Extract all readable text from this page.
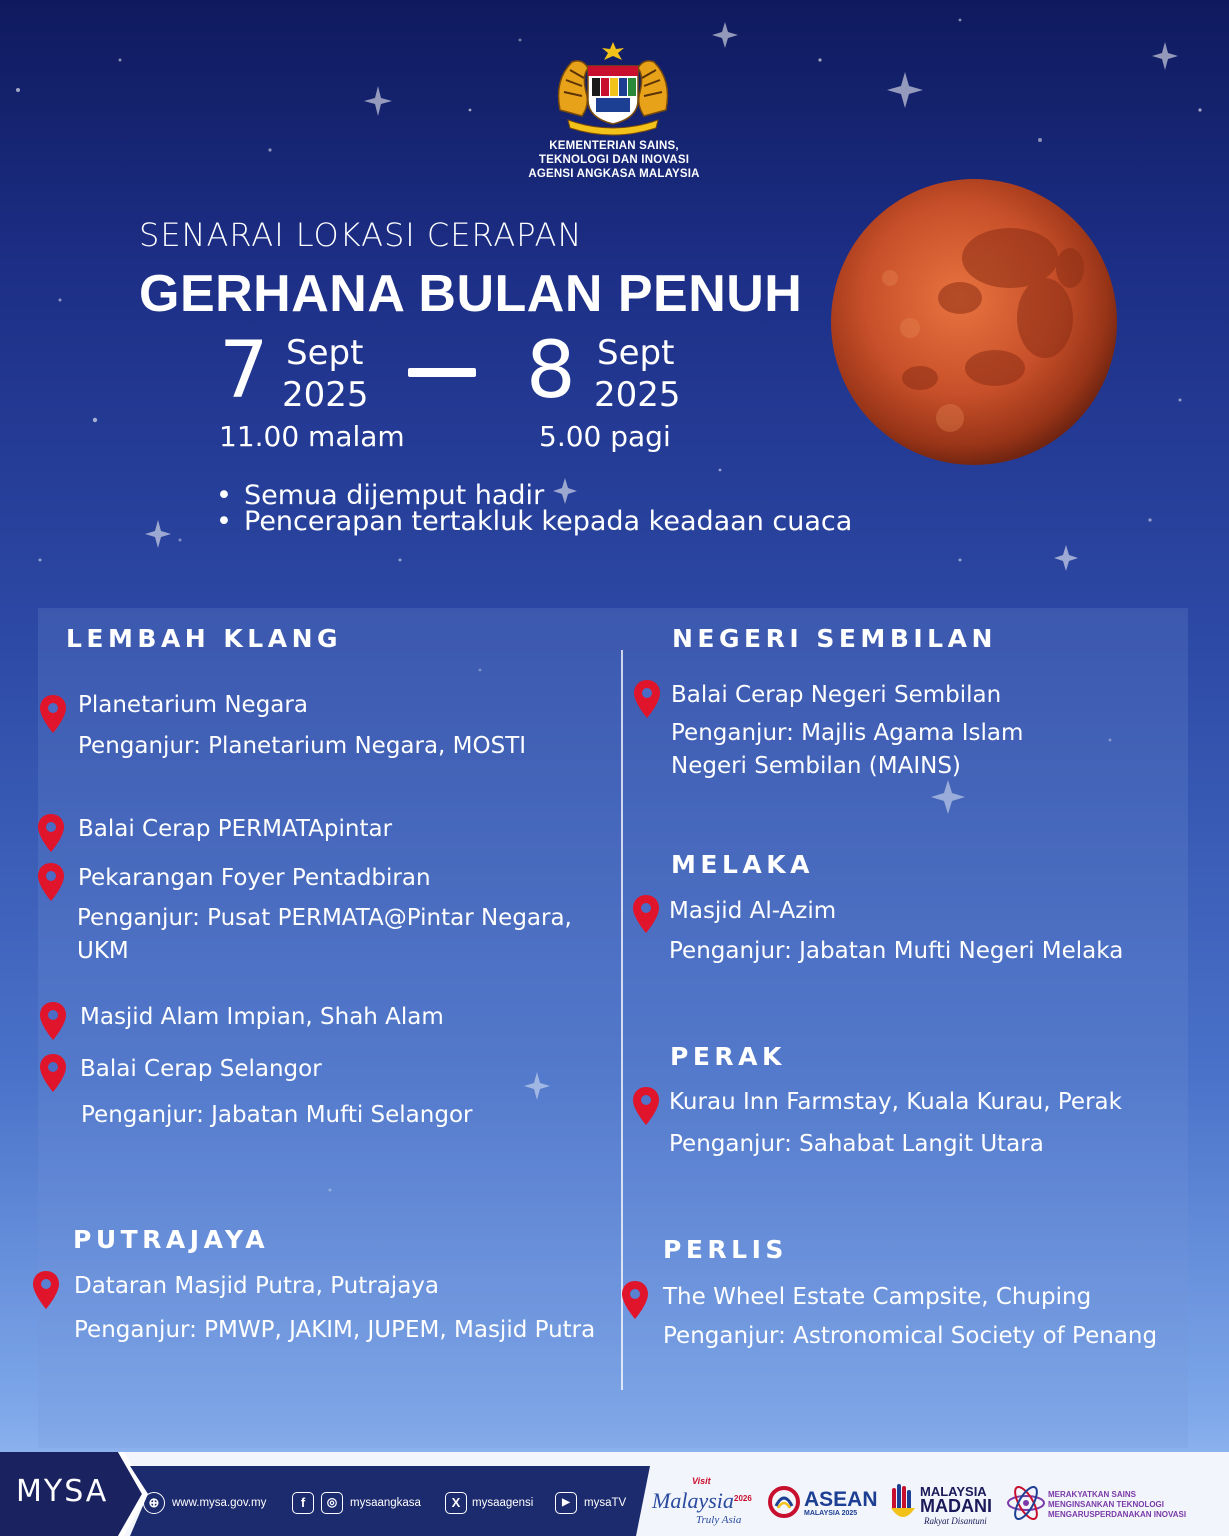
KEMENTERIAN SAINS,
TEKNOLOGI DAN INOVASI
AGENSI ANGKASA MALAYSIA
SENARAI LOKASI CERAPAN
GERHANA BULAN PENUH
7 Sept
2025
11.00 malam
8 Sept
2025
5.00 pagi
• Semua dijemput hadir
• Pencerapan tertakluk kepada keadaan cuaca
LEMBAH KLANG
Planetarium Negara
Penganjur: Planetarium Negara, MOSTI
Balai Cerap PERMATApintar
Pekarangan Foyer Pentadbiran
Penganjur: Pusat PERMATA@Pintar Negara,
UKM
Masjid Alam Impian, Shah Alam
Balai Cerap Selangor
Penganjur: Jabatan Mufti Selangor
PUTRAJAYA
Dataran Masjid Putra, Putrajaya
Penganjur: PMWP, JAKIM, JUPEM, Masjid Putra
NEGERI SEMBILAN
Balai Cerap Negeri Sembilan
Penganjur: Majlis Agama Islam
Negeri Sembilan (MAINS)
MELAKA
Masjid Al-Azim
Penganjur: Jabatan Mufti Negeri Melaka
PERAK
Kurau Inn Farmstay, Kuala Kurau, Perak
Penganjur: Sahabat Langit Utara
PERLIS
The Wheel Estate Campsite, Chuping
Penganjur: Astronomical Society of Penang
MYSA	⊕	www.mysa.gov.my	f	◎	mysaangkasa	X	mysaagensi	▶	mysaTV
Visit
Malaysia 2026
Truly Asia
ASEAN
MALAYSIA 2025
MALAYSIA
MADANI
Rakyat Disantuni
MERAKYATKAN SAINS
MENGINSANKAN TEKNOLOGI
MENGARUSPERDANAKAN INOVASI
